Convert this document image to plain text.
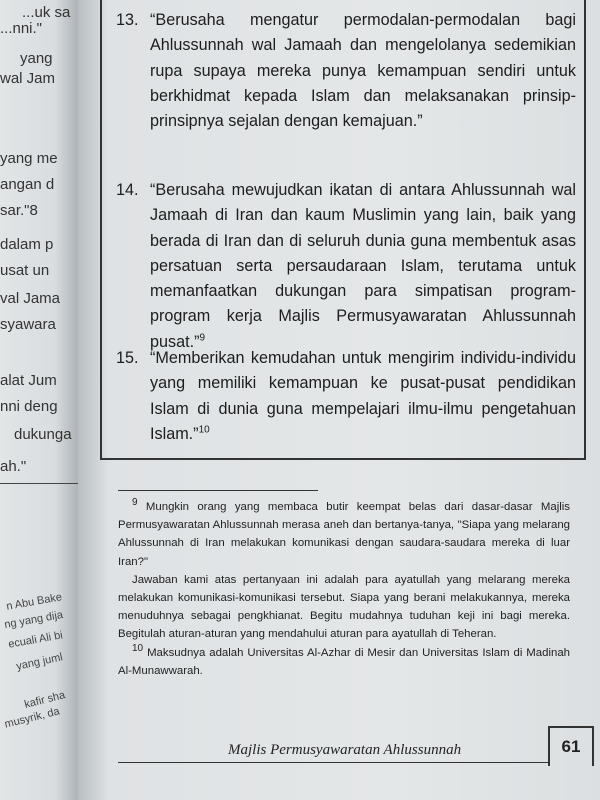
...uk sa
...nni."
yang
wal Jam
yang me
angan d
sar."8
dalam p
usat un
val Jama
syawara
alat Jum
nni deng
dukunga
ah."
n Abu Bake
ng yang dija
ecuali Ali bi
yang juml
kafir sha
musyrik, da
13. “Berusaha mengatur permodalan-permodalan bagi Ahlussunnah wal Jamaah dan mengelolanya sedemikian rupa supaya mereka punya kemampuan sendiri untuk berkhidmat kepada Islam dan melaksanakan prinsip-prinsipnya sejalan dengan kemajuan.”
14. “Berusaha mewujudkan ikatan di antara Ahlussunnah wal Jamaah di Iran dan kaum Muslimin yang lain, baik yang berada di Iran dan di seluruh dunia guna membentuk asas persatuan serta persaudaraan Islam, terutama untuk memanfaatkan dukungan para simpatisan program-program kerja Majlis Permusyawaratan Ahlussunnah pusat.”$^9$
15. “Memberikan kemudahan untuk mengirim individu-individu yang memiliki kemampuan ke pusat-pusat pendidikan Islam di dunia guna mempelajari ilmu-ilmu pengetahuan Islam.”$^{10}$

$^9$ Mungkin orang yang membaca butir keempat belas dari dasar-dasar Majlis Permusyawaratan Ahlussunnah merasa aneh dan bertanya-tanya, "Siapa yang melarang Ahlussunnah di Iran melakukan komunikasi dengan saudara-saudara mereka di luar Iran?"

Jawaban kami atas pertanyaan ini adalah para ayatullah yang melarang mereka melakukan komunikasi-komunikasi tersebut. Siapa yang berani melakukannya, mereka menuduhnya sebagai pengkhianat. Begitu mudahnya tuduhan keji ini bagi mereka. Begitulah aturan-aturan yang mendahului aturan para ayatullah di Teheran.

$^{10}$ Maksudnya adalah Universitas Al-Azhar di Mesir dan Universitas Islam di Madinah Al-Munawwarah.

Majlis Permusyawaratan Ahlussunnah	61
